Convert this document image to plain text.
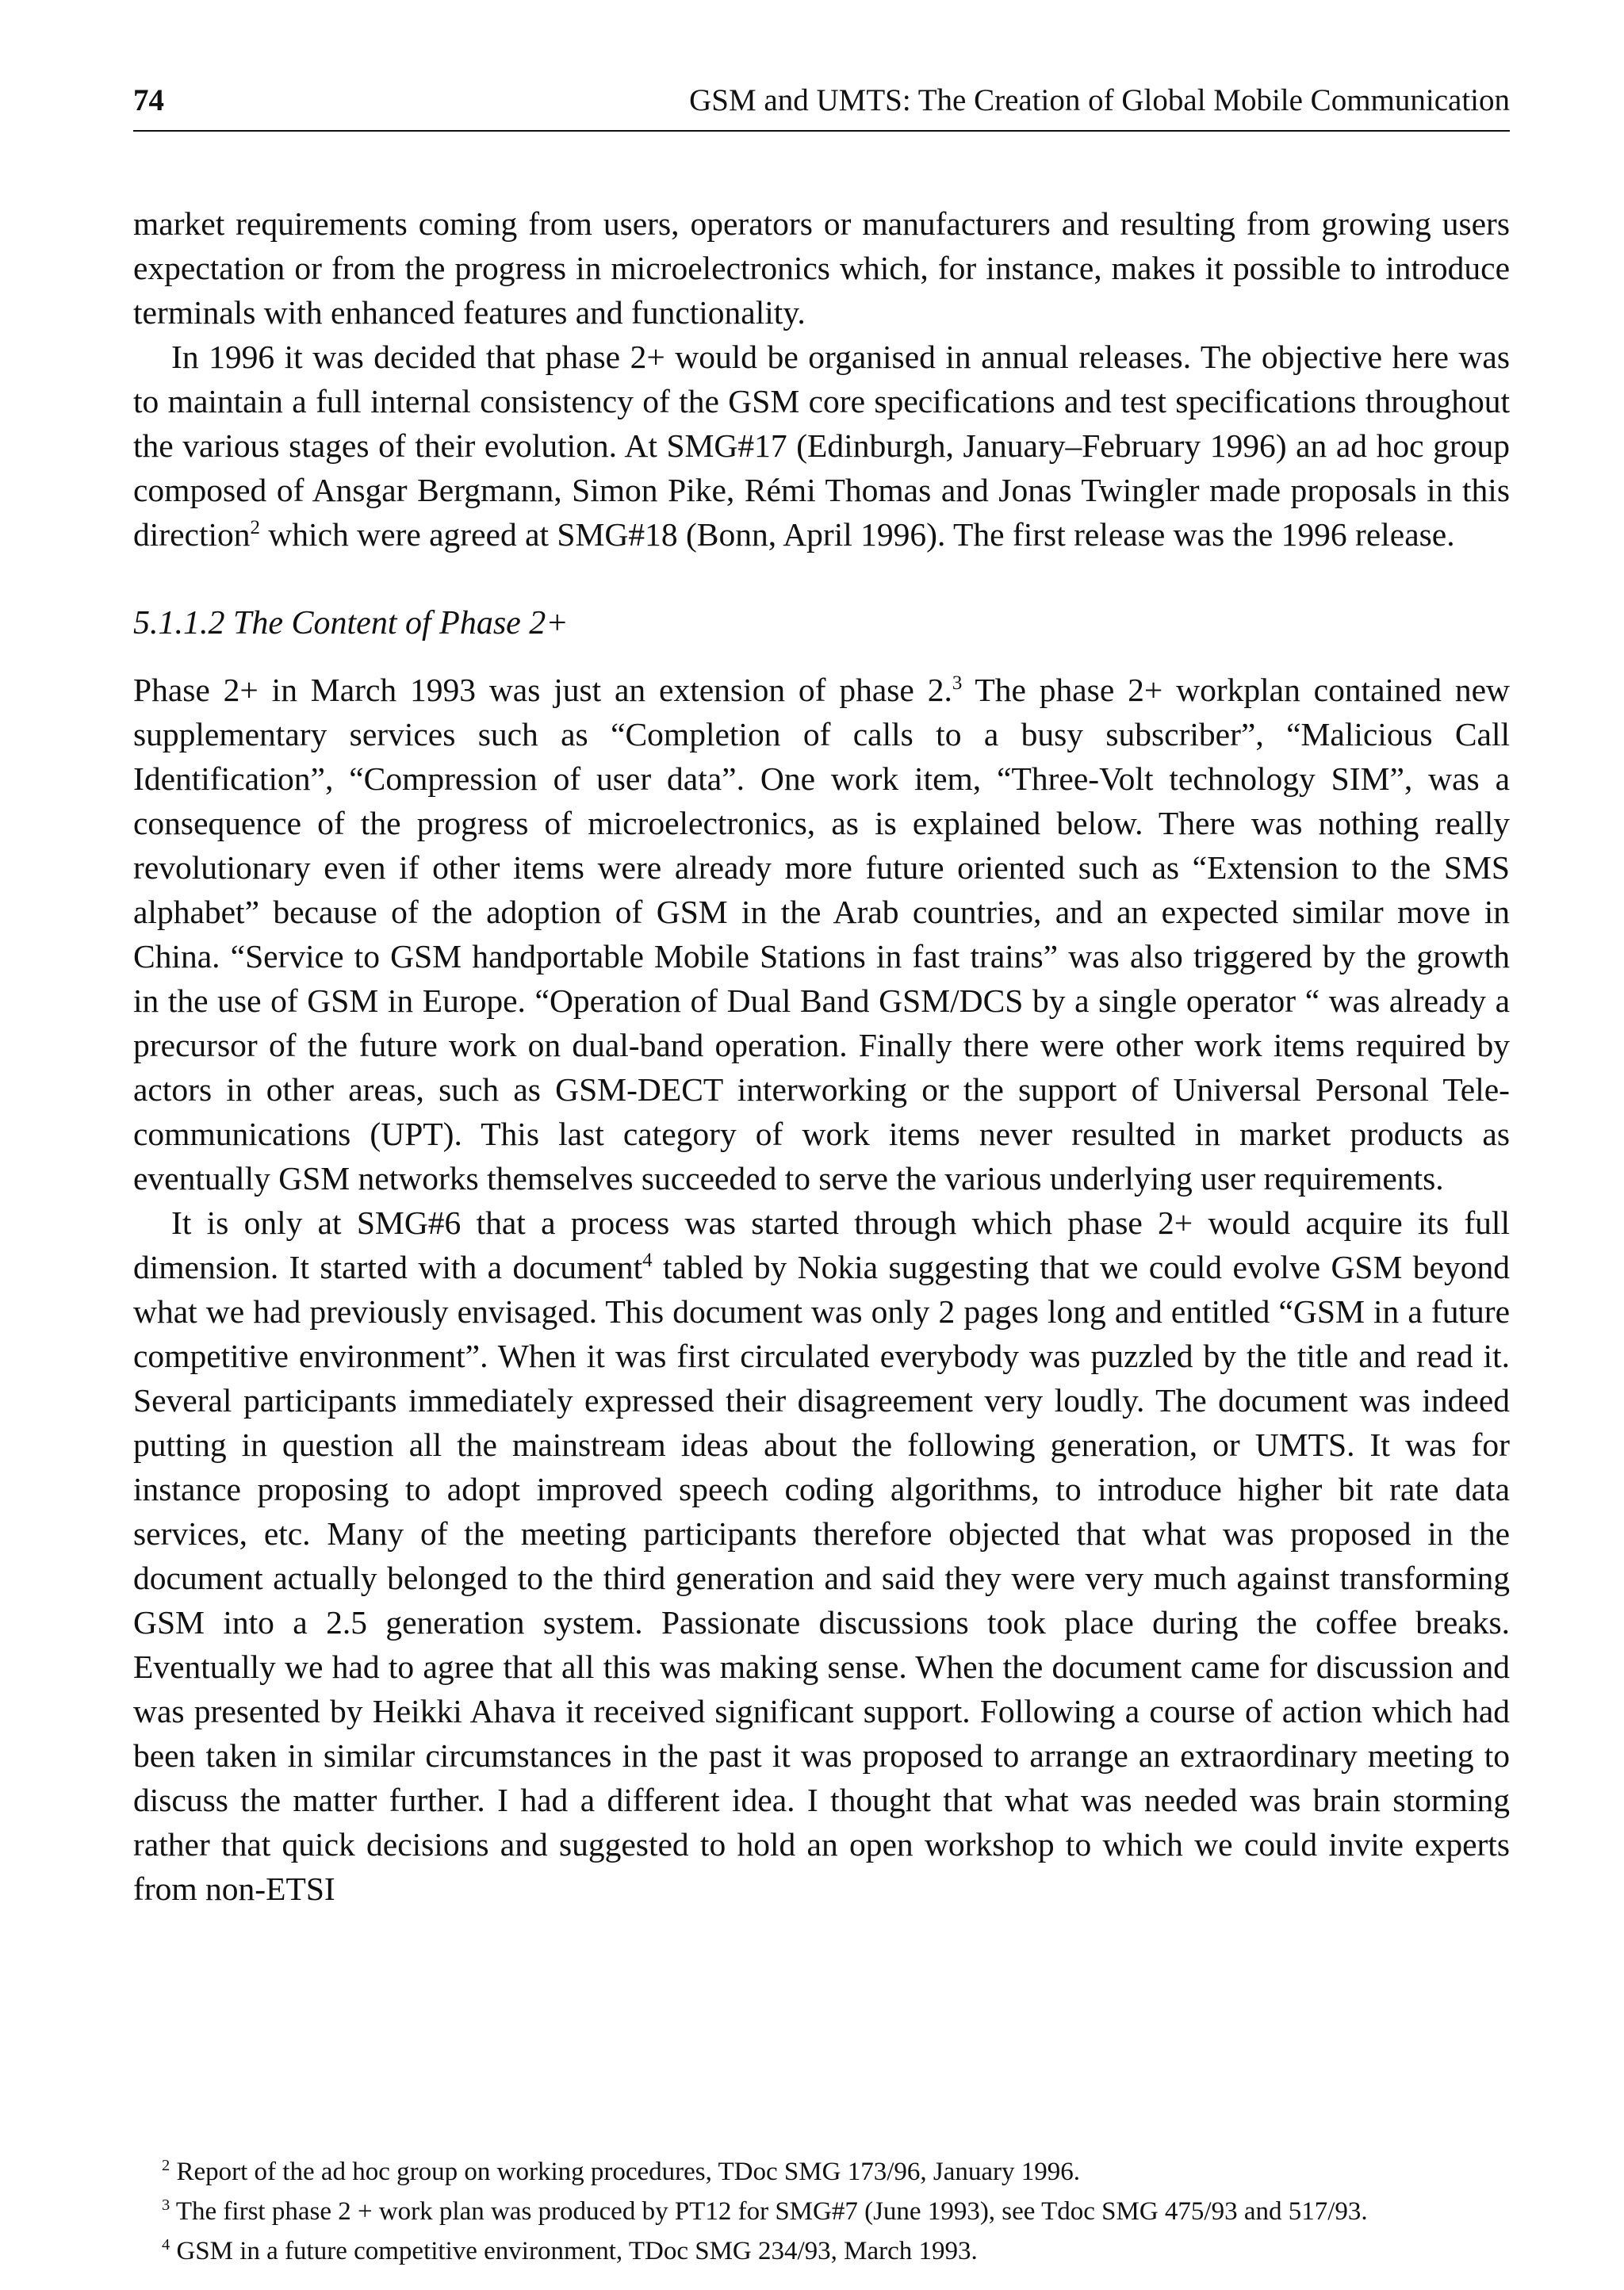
74	GSM and UMTS: The Creation of Global Mobile Communication

market requirements coming from users, operators or manufacturers and resulting from growing users expectation or from the progress in microelectronics which, for instance, makes it possible to introduce terminals with enhanced features and functionality.

In 1996 it was decided that phase 2+ would be organised in annual releases. The objective here was to maintain a full internal consistency of the GSM core specifications and test specifications throughout the various stages of their evolution. At SMG#17 (Edinburgh, January–February 1996) an ad hoc group composed of Ansgar Bergmann, Simon Pike, Rémi Thomas and Jonas Twingler made proposals in this direction$^2$ which were agreed at SMG#18 (Bonn, April 1996). The first release was the 1996 release.

5.1.1.2 The Content of Phase 2+

Phase 2+ in March 1993 was just an extension of phase 2.$^3$ The phase 2+ workplan contained new supplementary services such as “Completion of calls to a busy subscriber”, “Malicious Call Identification”, “Compression of user data”. One work item, “Three-Volt technology SIM”, was a consequence of the progress of microelectronics, as is explained below. There was nothing really revolutionary even if other items were already more future oriented such as “Extension to the SMS alphabet” because of the adoption of GSM in the Arab countries, and an expected similar move in China. “Service to GSM handportable Mobile Stations in fast trains” was also triggered by the growth in the use of GSM in Europe. “Operation of Dual Band GSM/DCS by a single operator “ was already a precursor of the future work on dual-band operation. Finally there were other work items required by actors in other areas, such as GSM-DECT interworking or the support of Universal Personal Telecommunications (UPT). This last category of work items never resulted in market products as eventually GSM networks themselves succeeded to serve the various underlying user requirements.

It is only at SMG#6 that a process was started through which phase 2+ would acquire its full dimension. It started with a document$^4$ tabled by Nokia suggesting that we could evolve GSM beyond what we had previously envisaged. This document was only 2 pages long and entitled “GSM in a future competitive environment”. When it was first circulated everybody was puzzled by the title and read it. Several participants immediately expressed their disagreement very loudly. The document was indeed putting in question all the mainstream ideas about the following generation, or UMTS. It was for instance proposing to adopt improved speech coding algorithms, to introduce higher bit rate data services, etc. Many of the meeting participants therefore objected that what was proposed in the document actually belonged to the third generation and said they were very much against transforming GSM into a 2.5 generation system. Passionate discussions took place during the coffee breaks. Eventually we had to agree that all this was making sense. When the document came for discussion and was presented by Heikki Ahava it received significant support. Following a course of action which had been taken in similar circumstances in the past it was proposed to arrange an extraordinary meeting to discuss the matter further. I had a different idea. I thought that what was needed was brain storming rather that quick decisions and suggested to hold an open workshop to which we could invite experts from non-ETSI

$^2$ Report of the ad hoc group on working procedures, TDoc SMG 173/96, January 1996.

$^3$ The first phase 2 + work plan was produced by PT12 for SMG#7 (June 1993), see Tdoc SMG 475/93 and 517/93.

$^4$ GSM in a future competitive environment, TDoc SMG 234/93, March 1993.
